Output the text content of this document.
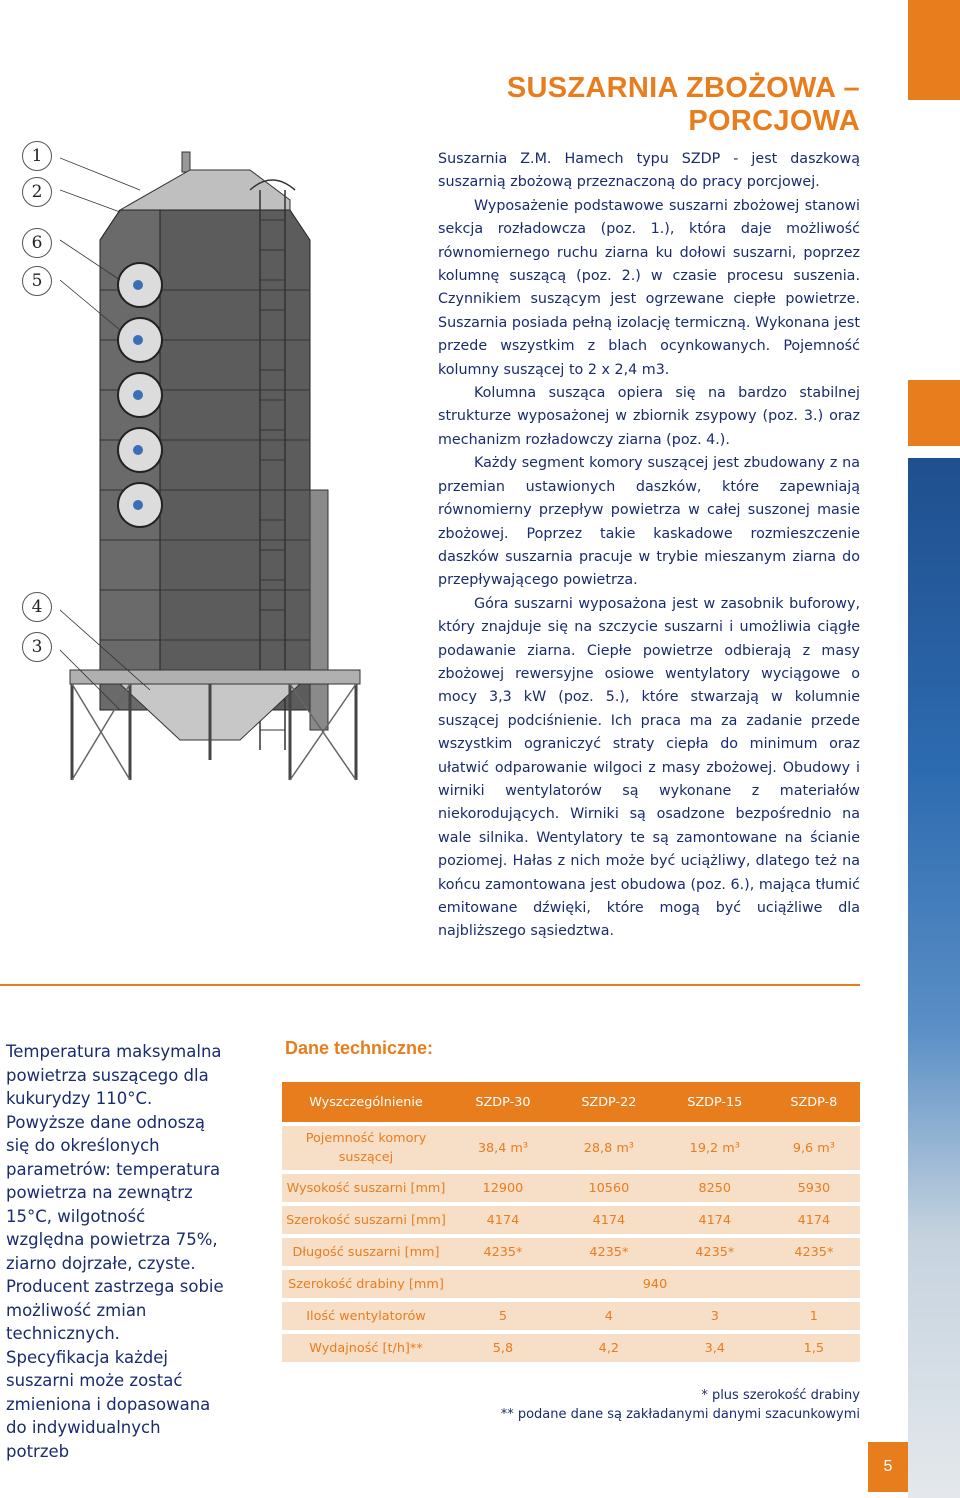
SUSZARNIA ZBOŻOWA – PORCJOWA
1
2
6
5
4
3

Suszarnia Z.M. Hamech typu SZDP - jest daszkową suszarnią zbożową przeznaczoną do pracy porcjowej.

Wyposażenie podstawowe suszarni zbożowej stanowi sekcja rozładowcza (poz. 1.), która daje możliwość równomiernego ruchu ziarna ku dołowi suszarni, poprzez kolumnę suszącą (poz. 2.) w czasie procesu suszenia. Czynnikiem suszącym jest ogrzewane ciepłe powietrze. Suszarnia posiada pełną izolację termiczną. Wykonana jest przede wszystkim z blach ocynkowanych. Pojemność kolumny suszącej to 2 x 2,4 m3.

Kolumna susząca opiera się na bardzo stabilnej strukturze wyposażonej w zbiornik zsypowy (poz. 3.) oraz mechanizm rozładowczy ziarna (poz. 4.).

Każdy segment komory suszącej jest zbudowany z na przemian ustawionych daszków, które zapewniają równomierny przepływ powietrza w całej suszonej masie zbożowej. Poprzez takie kaskadowe rozmieszczenie daszków suszarnia pracuje w trybie mieszanym ziarna do przepływającego powietrza.

Góra suszarni wyposażona jest w zasobnik buforowy, który znajduje się na szczycie suszarni i umożliwia ciągłe podawanie ziarna. Ciepłe powietrze odbierają z masy zbożowej rewersyjne osiowe wentylatory wyciągowe o mocy 3,3 kW (poz. 5.), które stwarzają w kolumnie suszącej podciśnienie. Ich praca ma za zadanie przede wszystkim ograniczyć straty ciepła do minimum oraz ułatwić odparowanie wilgoci z masy zbożowej. Obudowy i wirniki wentylatorów są wykonane z materiałów niekorodujących. Wirniki są osadzone bezpośrednio na wale silnika. Wentylatory te są zamontowane na ścianie poziomej. Hałas z nich może być uciążliwy, dlatego też na końcu zamontowana jest obudowa (poz. 6.), mająca tłumić emitowane dźwięki, które mogą być uciążliwe dla najbliższego sąsiedztwa.

Temperatura maksymalna powietrza suszącego dla kukurydzy 110°C.

Powyższe dane odnoszą się do określonych parametrów: temperatura powietrza na zewnątrz 15°C, wilgotność względna powietrza 75%, ziarno dojrzałe, czyste.

Producent zastrzega sobie możliwość zmian technicznych.

Specyfikacja każdej suszarni może zostać zmieniona i dopasowana do indywidualnych potrzeb

Dane techniczne:
Wyszczególnienie	SZDP-30	SZDP-22	SZDP-15	SZDP-8
Pojemność komory suszącej	38,4 m³	28,8 m³	19,2 m³	9,6 m³
Wysokość suszarni [mm]	12900	10560	8250	5930
Szerokość suszarni [mm]	4174	4174	4174	4174
Długość suszarni [mm]	4235*	4235*	4235*	4235*
Szerokość drabiny [mm]	940			
Ilość wentylatorów	5	4	3	1
Wydajność [t/h]**	5,8	4,2	3,4	1,5
* plus szerokość drabiny
** podane dane są zakładanymi danymi szacunkowymi
5
